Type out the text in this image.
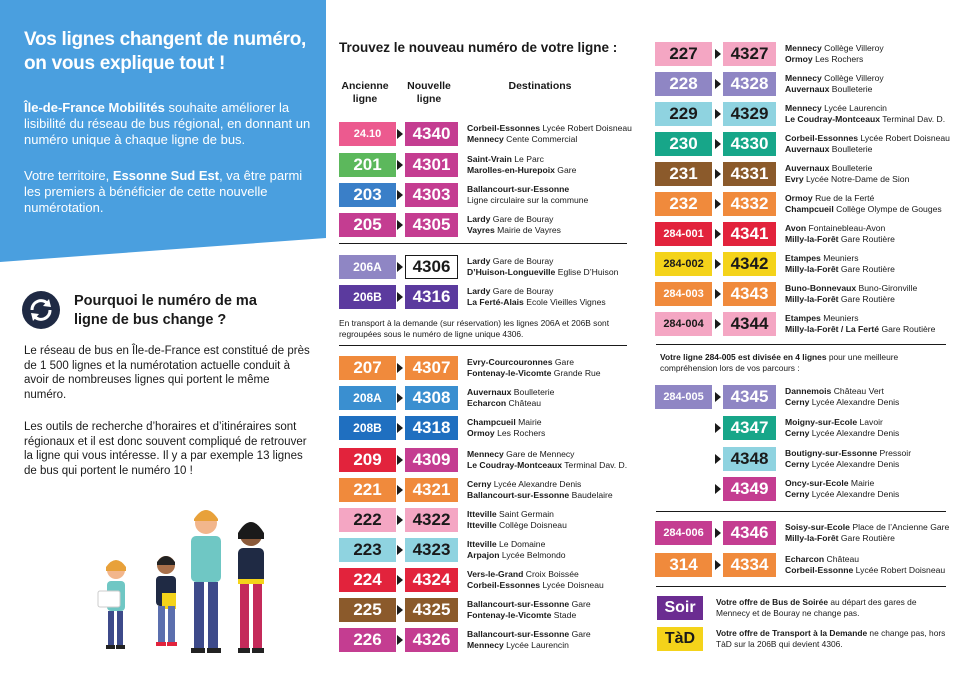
Vos lignes changent de numéro, on vous explique tout !
Île-de-France Mobilités souhaite améliorer la lisibilité du réseau de bus régional, en donnant un numéro unique à chaque ligne de bus.
Votre territoire, Essonne Sud Est, va être parmi les premiers à bénéficier de cette nouvelle numérotation.
Pourquoi le numéro de ma ligne de bus change ?
Le réseau de bus en Île-de-France est constitué de près de 1 500 lignes et la numérotation actuelle conduit à avoir de nombreuses lignes qui portent le même numéro.
Les outils de recherche d’horaires et d’itinéraires sont régionaux et il est donc souvent compliqué de retrouver la ligne qui vous intéresse. Il y a par exemple 13 lignes de bus qui portent le numéro 10 !
Trouvez le nouveau numéro de votre ligne :
Ancienne ligne
Nouvelle ligne
Destinations
24.10	4340	Corbeil-Essonnes Lycée Robert Doisneau
Mennecy Cente Commercial
201	4301	Saint-Vrain Le Parc
Marolles-en-Hurepoix Gare
203	4303	Ballancourt-sur-Essonne
Ligne circulaire sur la commune
205	4305	Lardy Gare de Bouray
Vayres Mairie de Vayres
206A	4306	Lardy Gare de Bouray
D’Huison-Longueville Eglise D’Huison
206B	4316	Lardy Gare de Bouray
La Ferté-Alais Ecole Vieilles Vignes
207	4307	Evry-Courcouronnes Gare
Fontenay-le-Vicomte Grande Rue
208A	4308	Auvernaux Boulleterie
Echarcon Château
208B	4318	Champcueil Mairie
Ormoy Les Rochers
209	4309	Mennecy Gare de Mennecy
Le Coudray-Montceaux Terminal Dav. D.
221	4321	Cerny Lycée Alexandre Denis
Ballancourt-sur-Essonne Baudelaire
222	4322	Itteville Saint Germain
Itteville Collège Doisneau
223	4323	Itteville Le Domaine
Arpajon Lycée Belmondo
224	4324	Vers-le-Grand Croix Boissée
Corbeil-Essonnes Lycée Doisneau
225	4325	Ballancourt-sur-Essonne Gare
Fontenay-le-Vicomte Stade
226	4326	Ballancourt-sur-Essonne Gare
Mennecy Lycée Laurencin
En transport à la demande (sur réservation) les lignes 206A et 206B sont regroupées sous le numéro de ligne unique 4306.
227	4327	Mennecy Collège Villeroy
Ormoy Les Rochers
228	4328	Mennecy Collège Villeroy
Auvernaux Boulleterie
229	4329	Mennecy Lycée Laurencin
Le Coudray-Montceaux Terminal Dav. D.
230	4330	Corbeil-Essonnes Lycée Robert Doisneau
Auvernaux Boulleterie
231	4331	Auvernaux Boulleterie
Evry Lycée Notre-Dame de Sion
232	4332	Ormoy Rue de la Ferté
Champcueil Collège Olympe de Gouges
284-001	4341	Avon Fontainebleau-Avon
Milly-la-Forêt Gare Routière
284-002	4342	Etampes Meuniers
Milly-la-Forêt Gare Routière
284-003	4343	Buno-Bonnevaux Buno-Gironville
Milly-la-Forêt Gare Routière
284-004	4344	Etampes Meuniers
Milly-la-Forêt / La Ferté Gare Routière
284-005	4345	Dannemois Château Vert
Cerny Lycée Alexandre Denis
4347	Moigny-sur-Ecole Lavoir
Cerny Lycée Alexandre Denis
4348	Boutigny-sur-Essonne Pressoir
Cerny Lycée Alexandre Denis
4349	Oncy-sur-Ecole Mairie
Cerny Lycée Alexandre Denis
284-006	4346	Soisy-sur-Ecole Place de l’Ancienne Gare
Milly-la-Forêt Gare Routière
314	4334	Echarcon Château
Corbeil-Essonne Lycée Robert Doisneau
Votre ligne 284-005 est divisée en 4 lignes pour une meilleure compréhension lors de vos parcours :
Soir	Votre offre de Bus de Soirée au départ des gares de Mennecy et de Bouray ne change pas.
TàD	Votre offre de Transport à la Demande ne change pas, hors TàD sur la 206B qui devient 4306.
